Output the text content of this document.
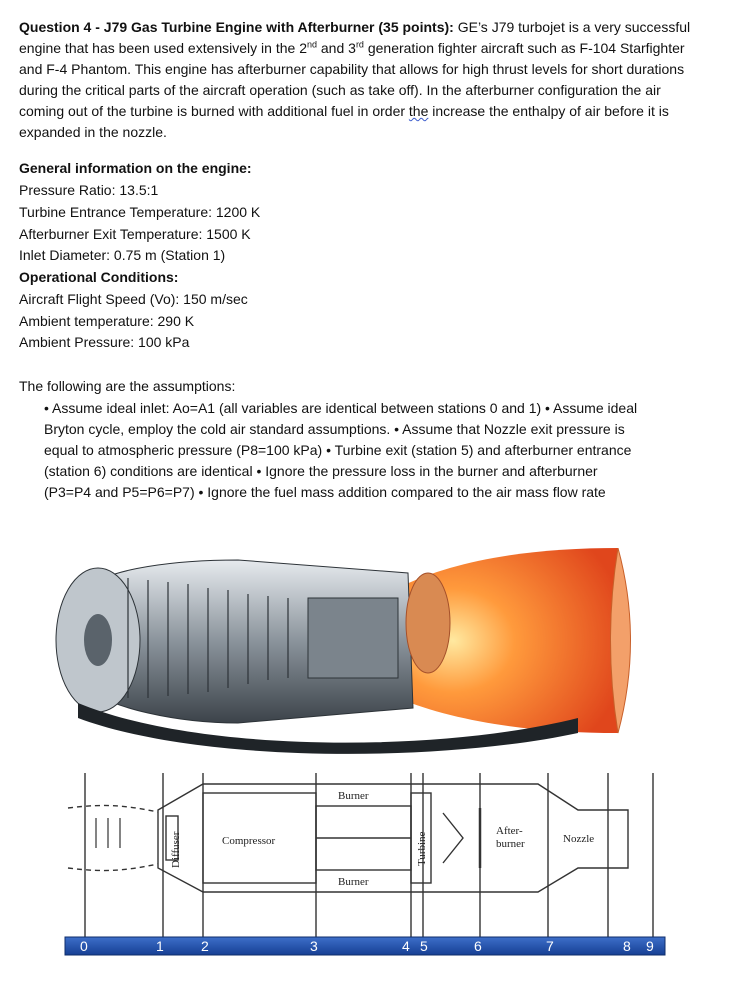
Question 4 - J79 Gas Turbine Engine with Afterburner (35 points): GE’s J79 turbojet is a very successful engine that has been used extensively in the 2nd and 3rd generation fighter aircraft such as F-104 Starfighter and F-4 Phantom. This engine has afterburner capability that allows for high thrust levels for short durations during the critical parts of the aircraft operation (such as take off). In the afterburner configuration the air coming out of the turbine is burned with additional fuel in order the increase the enthalpy of air before it is expanded in the nozzle.

General information on the engine:
Pressure Ratio: 13.5:1
Turbine Entrance Temperature: 1200 K
Afterburner Exit Temperature: 1500 K
Inlet Diameter: 0.75 m (Station 1)
Operational Conditions:
Aircraft Flight Speed (Vo): 150 m/sec
Ambient temperature: 290 K
Ambient Pressure: 100 kPa
The following are the assumptions:

• Assume ideal inlet: Ao=A1 (all variables are identical between stations 0 and 1) • Assume ideal Bryton cycle, employ the cold air standard assumptions. • Assume that Nozzle exit pressure is equal to atmospheric pressure (P8=100 kPa) • Turbine exit (station 5) and afterburner entrance (station 6) conditions are identical • Ignore the pressure loss in the burner and afterburner (P3=P4 and P5=P6=P7) • Ignore the fuel mass addition compared to the air mass flow rate

Diffuser	Compressor
Burner
Burner
Turbine
After-
burner	Nozzle
0	1	2	3	4 5	6	7	8 9
